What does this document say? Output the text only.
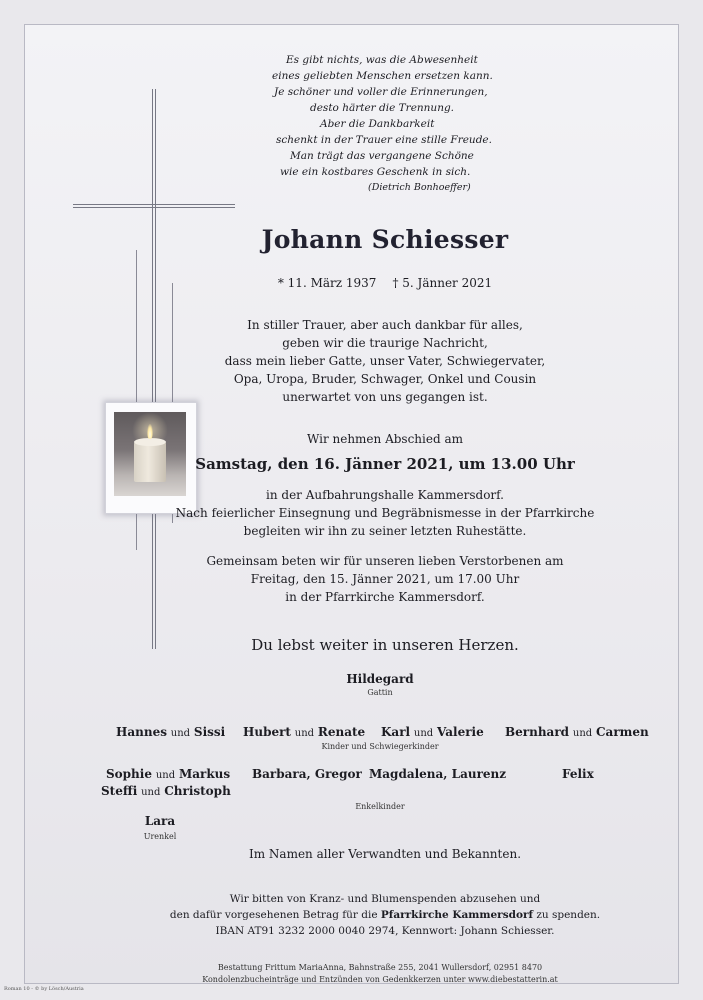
Es gibt nichts, was die Abwesenheit
eines geliebten Menschen ersetzen kann.
Je schöner und voller die Erinnerungen,
desto härter die Trennung.
Aber die Dankbarkeit
schenkt in der Trauer eine stille Freude.
Man trägt das vergangene Schöne
wie ein kostbares Geschenk in sich.
(Dietrich Bonhoeffer)
Johann Schiesser
* 11. März 1937 † 5. Jänner 2021
In stiller Trauer, aber auch dankbar für alles,
geben wir die traurige Nachricht,
dass mein lieber Gatte, unser Vater, Schwiegervater,
Opa, Uropa, Bruder, Schwager, Onkel und Cousin
unerwartet von uns gegangen ist.
Wir nehmen Abschied am
Samstag, den 16. Jänner 2021, um 13.00 Uhr
in der Aufbahrungshalle Kammersdorf.
Nach feierlicher Einsegnung und Begräbnismesse in der Pfarrkirche
begleiten wir ihn zu seiner letzten Ruhestätte.
Gemeinsam beten wir für unseren lieben Verstorbenen am
Freitag, den 15. Jänner 2021, um 17.00 Uhr
in der Pfarrkirche Kammersdorf.
Du lebst weiter in unseren Herzen.
Hildegard
Gattin
Hannes und Sissi Hubert und Renate Karl und Valerie Bernhard und Carmen
Kinder und Schwiegerkinder
Sophie und Markus
Steffi und Christoph
Barbara, Gregor Magdalena, Laurenz	Felix
Enkelkinder
Lara
Urenkel
Im Namen aller Verwandten und Bekannten.
Wir bitten von Kranz- und Blumenspenden abzusehen und
den dafür vorgesehenen Betrag für die Pfarrkirche Kammersdorf zu spenden.
IBAN AT91 3232 2000 0040 2974, Kennwort: Johann Schiesser.
Bestattung Frittum MariaAnna, Bahnstraße 255, 2041 Wullersdorf, 02951 8470
Kondolenzbucheinträge und Entzünden von Gedenkkerzen unter www.diebestatterin.at
Roman 10 - © by Lösch/Austria
